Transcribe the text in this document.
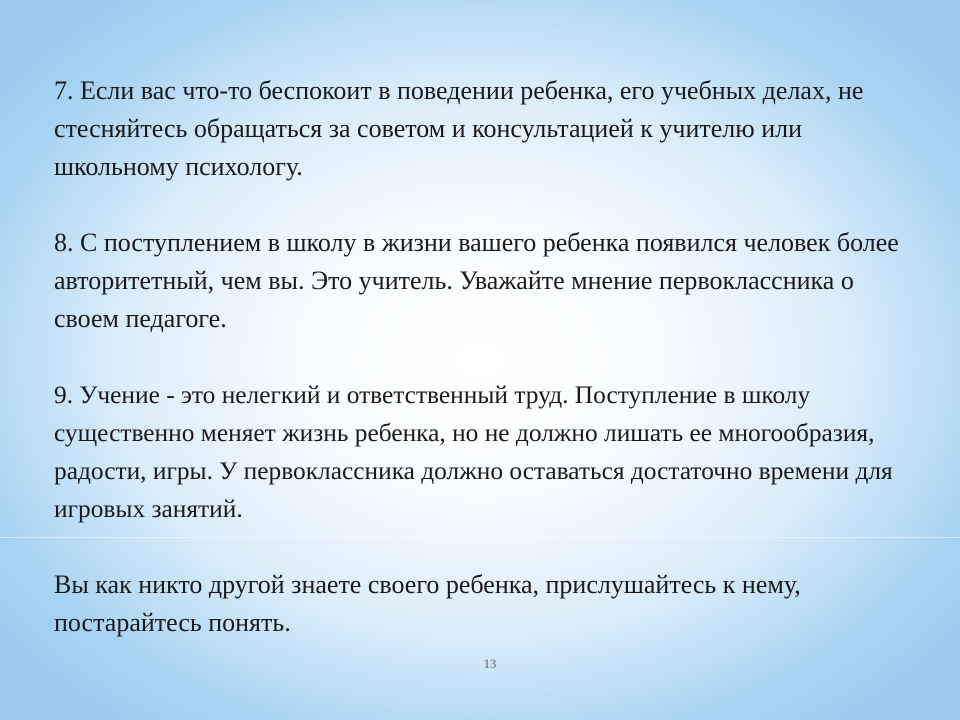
7. Если вас что-то беспокоит в поведении ребенка, его учебных делах, не стесняйтесь обращаться за советом и консультацией к учителю или школьному психологу.

8. С поступлением в школу в жизни вашего ребенка появился человек более авторитетный, чем вы. Это учитель. Уважайте мнение первоклассника о своем педагоге.

9. Учение - это нелегкий и ответственный труд. Поступление в школу существенно меняет жизнь ребенка, но не должно лишать ее многообразия, радости, игры. У первоклассника должно оставаться достаточно времени для игровых занятий.

Вы как никто другой знаете своего ребенка, прислушайтесь к нему, постарайтесь понять.

13
